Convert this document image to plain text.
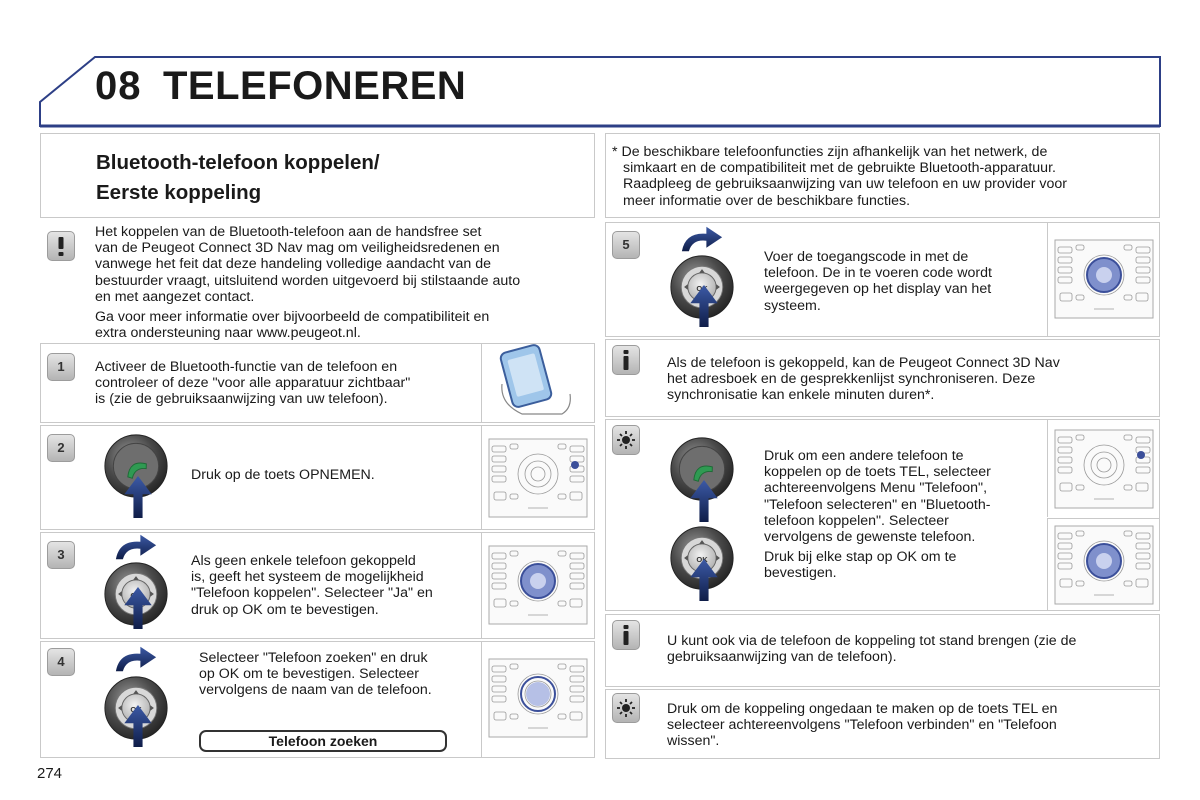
08 TELEFONEREN
Bluetooth-telefoon koppelen/
Eerste koppeling
* De beschikbare telefoonfuncties zijn afhankelijk van het netwerk, de
simkaart en de compatibiliteit met de gebruikte Bluetooth-apparatuur.
Raadpleeg de gebruiksaanwijzing van uw telefoon en uw provider voor
meer informatie over de beschikbare functies.
Het koppelen van de Bluetooth-telefoon aan de handsfree set
van de Peugeot Connect 3D Nav mag om veiligheidsredenen en
vanwege het feit dat deze handeling volledige aandacht van de
bestuurder vraagt, uitsluitend worden uitgevoerd bij stilstaande auto
en met aangezet contact.
Ga voor meer informatie over bijvoorbeeld de compatibiliteit en
extra ondersteuning naar www.peugeot.nl.
1	Activeer de Bluetooth-functie van de telefoon en
controleer of deze "voor alle apparatuur zichtbaar"
is (zie de gebruiksaanwijzing van uw telefoon).
2
Druk op de toets OPNEMEN.
3	Als geen enkele telefoon gekoppeld
is, geeft het systeem de mogelijkheid
"Telefoon koppelen". Selecteer "Ja" en
druk op OK om te bevestigen.
4	Selecteer "Telefoon zoeken" en druk
op OK om te bevestigen. Selecteer
vervolgens de naam van de telefoon.
Telefoon zoeken
5
Voer de toegangscode in met de
telefoon. De in te voeren code wordt
weergegeven op het display van het
systeem.
Als de telefoon is gekoppeld, kan de Peugeot Connect 3D Nav
het adresboek en de gesprekkenlijst synchroniseren. Deze
synchronisatie kan enkele minuten duren*.
Druk om een andere telefoon te
koppelen op de toets TEL, selecteer
achtereenvolgens Menu "Telefoon",
"Telefoon selecteren" en "Bluetooth-
telefoon koppelen". Selecteer
vervolgens de gewenste telefoon.
Druk bij elke stap op OK om te
bevestigen.
U kunt ook via de telefoon de koppeling tot stand brengen (zie de
gebruiksaanwijzing van de telefoon).
Druk om de koppeling ongedaan te maken op de toets TEL en
selecteer achtereenvolgens "Telefoon verbinden" en "Telefoon
wissen".
274
